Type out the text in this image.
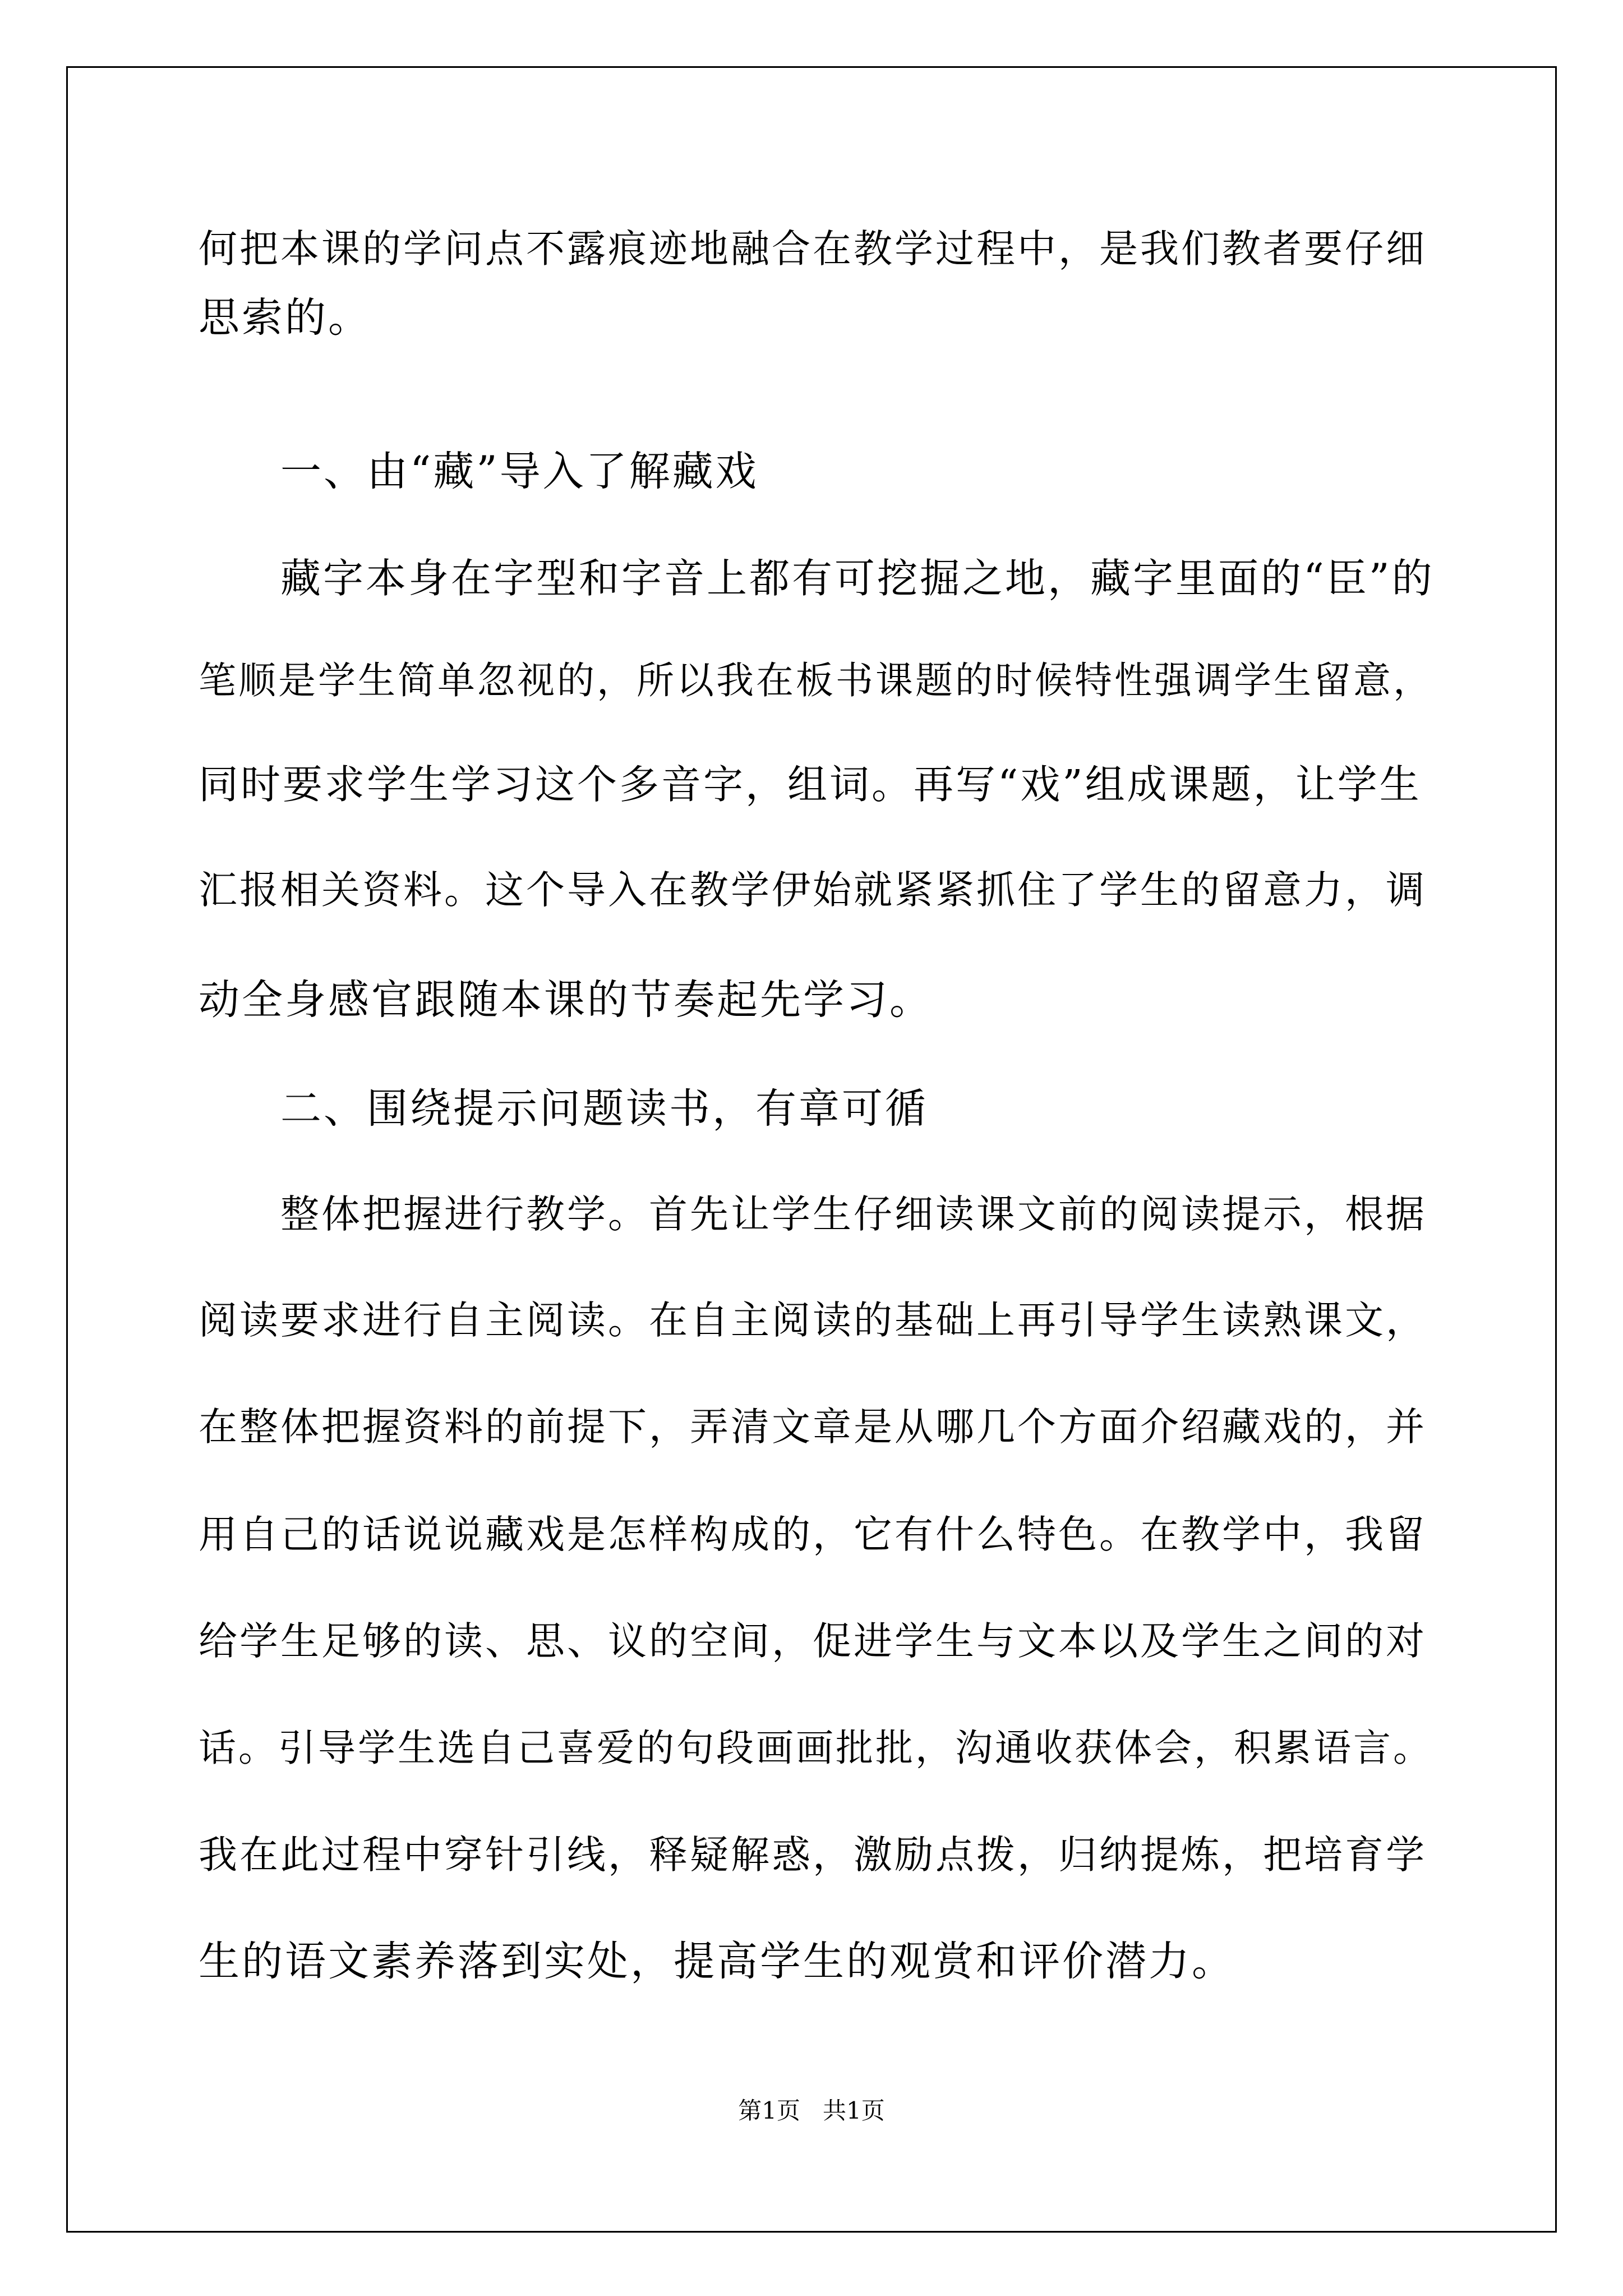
何把本课的学问点不露痕迹地融合在教学过程中，是我们教者要仔细
思索的。
一、由“藏”导入了解藏戏
藏字本身在字型和字音上都有可挖掘之地，藏字里面的“臣”的
笔顺是学生简单忽视的，所以我在板书课题的时候特性强调学生留意，
同时要求学生学习这个多音字，组词。再写“戏”组成课题，让学生
汇报相关资料。这个导入在教学伊始就紧紧抓住了学生的留意力，调
动全身感官跟随本课的节奏起先学习。
二、围绕提示问题读书，有章可循
整体把握进行教学。首先让学生仔细读课文前的阅读提示，根据
阅读要求进行自主阅读。在自主阅读的基础上再引导学生读熟课文，
在整体把握资料的前提下，弄清文章是从哪几个方面介绍藏戏的，并
用自己的话说说藏戏是怎样构成的，它有什么特色。在教学中，我留
给学生足够的读、思、议的空间，促进学生与文本以及学生之间的对
话。引导学生选自己喜爱的句段画画批批，沟通收获体会，积累语言。
我在此过程中穿针引线，释疑解惑，激励点拨，归纳提炼，把培育学
生的语文素养落到实处，提高学生的观赏和评价潜力。
第1页   共1页
